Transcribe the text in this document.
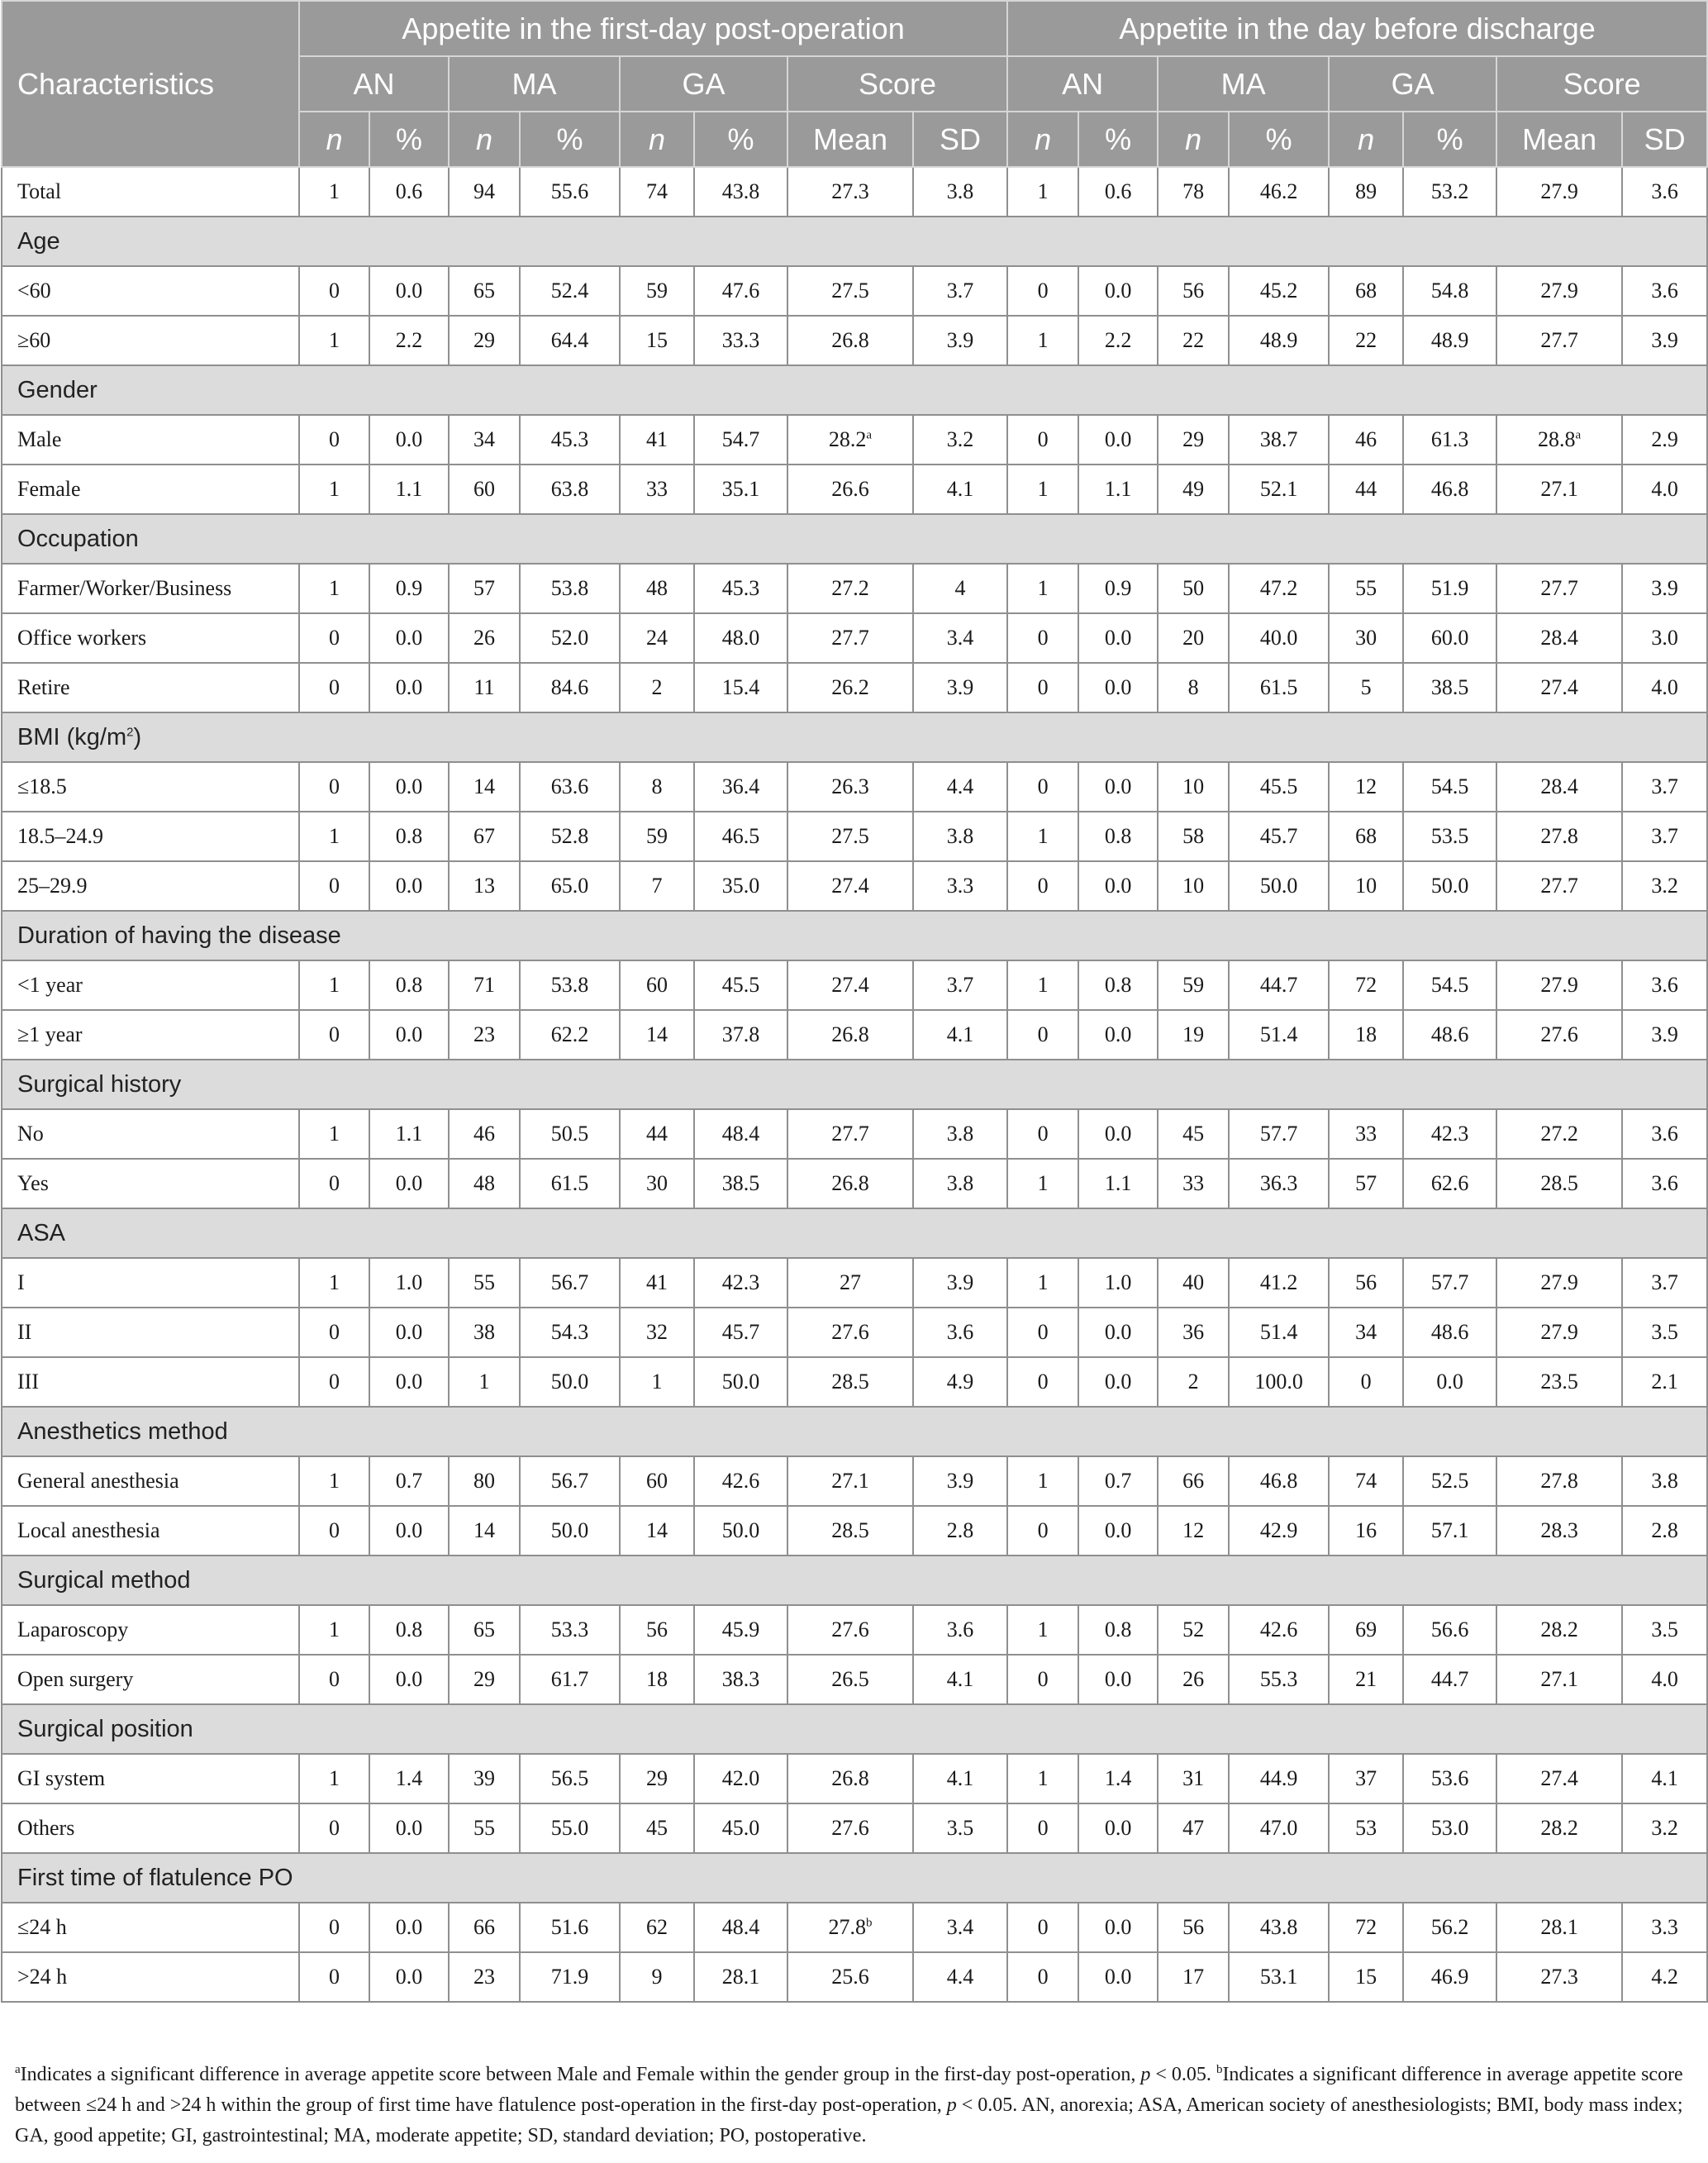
Characteristics	Appetite in the first-day post-operation								Appetite in the day before discharge							
	AN		MA		GA		Score		AN		MA		GA		Score	
	n	%	n	%	n	%	Mean	SD	n	%	n	%	n	%	Mean	SD
Total	1	0.6	94	55.6	74	43.8	27.3	3.8	1	0.6	78	46.2	89	53.2	27.9	3.6
Age																
<60	0	0.0	65	52.4	59	47.6	27.5	3.7	0	0.0	56	45.2	68	54.8	27.9	3.6
≥60	1	2.2	29	64.4	15	33.3	26.8	3.9	1	2.2	22	48.9	22	48.9	27.7	3.9
Gender																
Male	0	0.0	34	45.3	41	54.7	28.2$^a$	3.2	0	0.0	29	38.7	46	61.3	28.8$^a$	2.9
Female	1	1.1	60	63.8	33	35.1	26.6	4.1	1	1.1	49	52.1	44	46.8	27.1	4.0
Occupation																
Farmer/Worker/Business	1	0.9	57	53.8	48	45.3	27.2	4	1	0.9	50	47.2	55	51.9	27.7	3.9
Office workers	0	0.0	26	52.0	24	48.0	27.7	3.4	0	0.0	20	40.0	30	60.0	28.4	3.0
Retire	0	0.0	11	84.6	2	15.4	26.2	3.9	0	0.0	8	61.5	5	38.5	27.4	4.0
BMI $(kg/m^2)$																
≤18.5	0	0.0	14	63.6	8	36.4	26.3	4.4	0	0.0	10	45.5	12	54.5	28.4	3.7
18.5–24.9	1	0.8	67	52.8	59	46.5	27.5	3.8	1	0.8	58	45.7	68	53.5	27.8	3.7
25–29.9	0	0.0	13	65.0	7	35.0	27.4	3.3	0	0.0	10	50.0	10	50.0	27.7	3.2
Duration of having the disease																
<1 year	1	0.8	71	53.8	60	45.5	27.4	3.7	1	0.8	59	44.7	72	54.5	27.9	3.6
≥1 year	0	0.0	23	62.2	14	37.8	26.8	4.1	0	0.0	19	51.4	18	48.6	27.6	3.9
Surgical history																
No	1	1.1	46	50.5	44	48.4	27.7	3.8	0	0.0	45	57.7	33	42.3	27.2	3.6
Yes	0	0.0	48	61.5	30	38.5	26.8	3.8	1	1.1	33	36.3	57	62.6	28.5	3.6
ASA																
I	1	1.0	55	56.7	41	42.3	27	3.9	1	1.0	40	41.2	56	57.7	27.9	3.7
II	0	0.0	38	54.3	32	45.7	27.6	3.6	0	0.0	36	51.4	34	48.6	27.9	3.5
III	0	0.0	1	50.0	1	50.0	28.5	4.9	0	0.0	2	100.0	0	0.0	23.5	2.1
Anesthetics method																
General anesthesia	1	0.7	80	56.7	60	42.6	27.1	3.9	1	0.7	66	46.8	74	52.5	27.8	3.8
Local anesthesia	0	0.0	14	50.0	14	50.0	28.5	2.8	0	0.0	12	42.9	16	57.1	28.3	2.8
Surgical method																
Laparoscopy	1	0.8	65	53.3	56	45.9	27.6	3.6	1	0.8	52	42.6	69	56.6	28.2	3.5
Open surgery	0	0.0	29	61.7	18	38.3	26.5	4.1	0	0.0	26	55.3	21	44.7	27.1	4.0
Surgical position																
GI system	1	1.4	39	56.5	29	42.0	26.8	4.1	1	1.4	31	44.9	37	53.6	27.4	4.1
Others	0	0.0	55	55.0	45	45.0	27.6	3.5	0	0.0	47	47.0	53	53.0	28.2	3.2
First time of flatulence PO																
≤24 h	0	0.0	66	51.6	62	48.4	27.8$^b$	3.4	0	0.0	56	43.8	72	56.2	28.1	3.3
>24 h	0	0.0	23	71.9	9	28.1	25.6	4.4	0	0.0	17	53.1	15	46.9	27.3	4.2
$^a$Indicates a significant difference in average appetite score between Male and Female within the gender group in the first-day post-operation, p < 0.05. $^b$Indicates a significant difference in average appetite score between ≤24 h and >24 h within the group of first time have flatulence post-operation in the first-day post-operation, p < 0.05. AN, anorexia; ASA, American society of anesthesiologists; BMI, body mass index; GA, good appetite; GI, gastrointestinal; MA, moderate appetite; SD, standard deviation; PO, postoperative.
